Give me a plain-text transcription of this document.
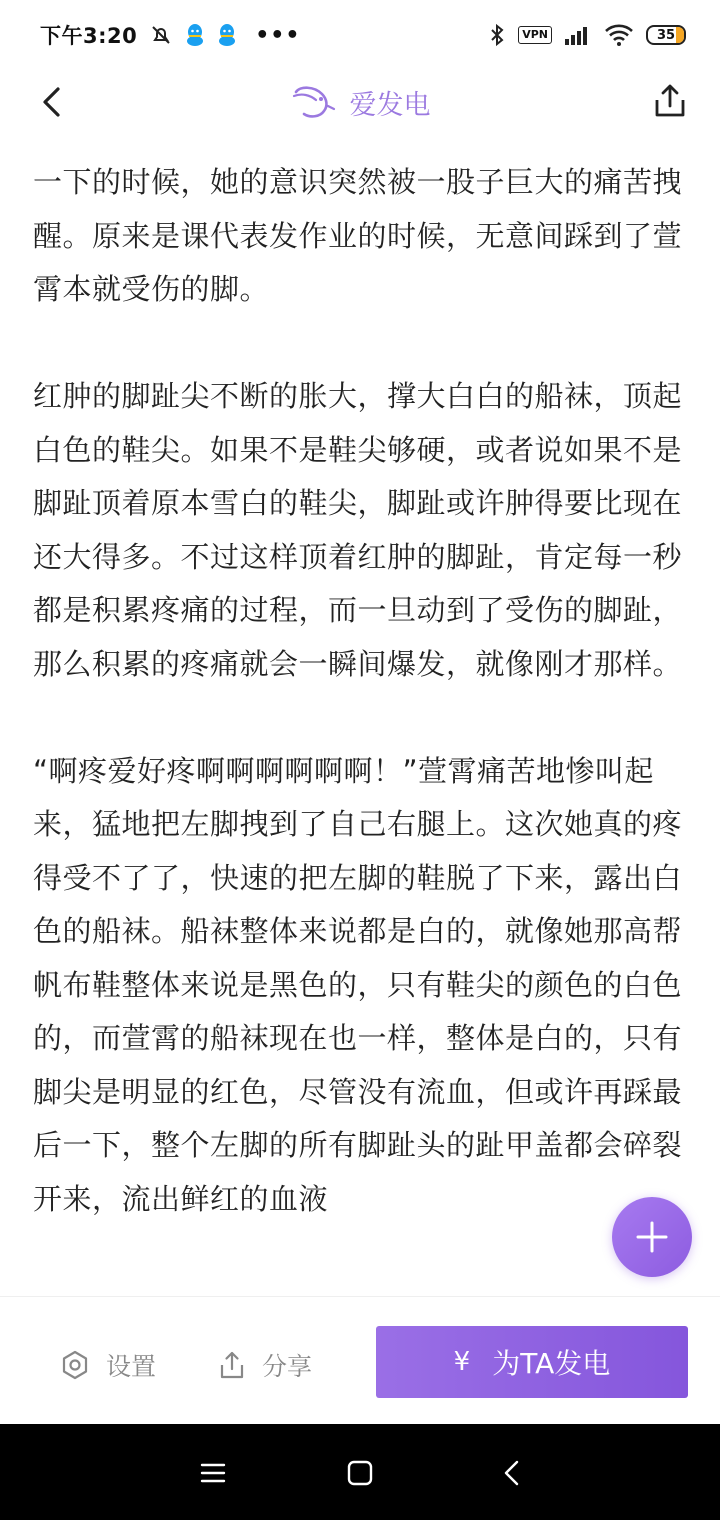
下午3:20	•••	VPN	35
爱发电

一下的时候，她的意识突然被一股子巨大的痛苦拽醒。原来是课代表发作业的时候，无意间踩到了萱霄本就受伤的脚。

红肿的脚趾尖不断的胀大，撑大白白的船袜，顶起白色的鞋尖。如果不是鞋尖够硬，或者说如果不是脚趾顶着原本雪白的鞋尖，脚趾或许肿得要比现在还大得多。不过这样顶着红肿的脚趾，肯定每一秒都是积累疼痛的过程，而一旦动到了受伤的脚趾，那么积累的疼痛就会一瞬间爆发，就像刚才那样。

“啊疼爱好疼啊啊啊啊啊啊！”萱霄痛苦地惨叫起来，猛地把左脚拽到了自己右腿上。这次她真的疼得受不了了，快速的把左脚的鞋脱了下来，露出白色的船袜。船袜整体来说都是白的，就像她那高帮帆布鞋整体来说是黑色的，只有鞋尖的颜色的白色的，而萱霄的船袜现在也一样，整体是白的，只有脚尖是明显的红色，尽管没有流血，但或许再踩最后一下，整个左脚的所有脚趾头的趾甲盖都会碎裂开来，流出鲜红的血液

设置	分享	¥ 为TA发电
